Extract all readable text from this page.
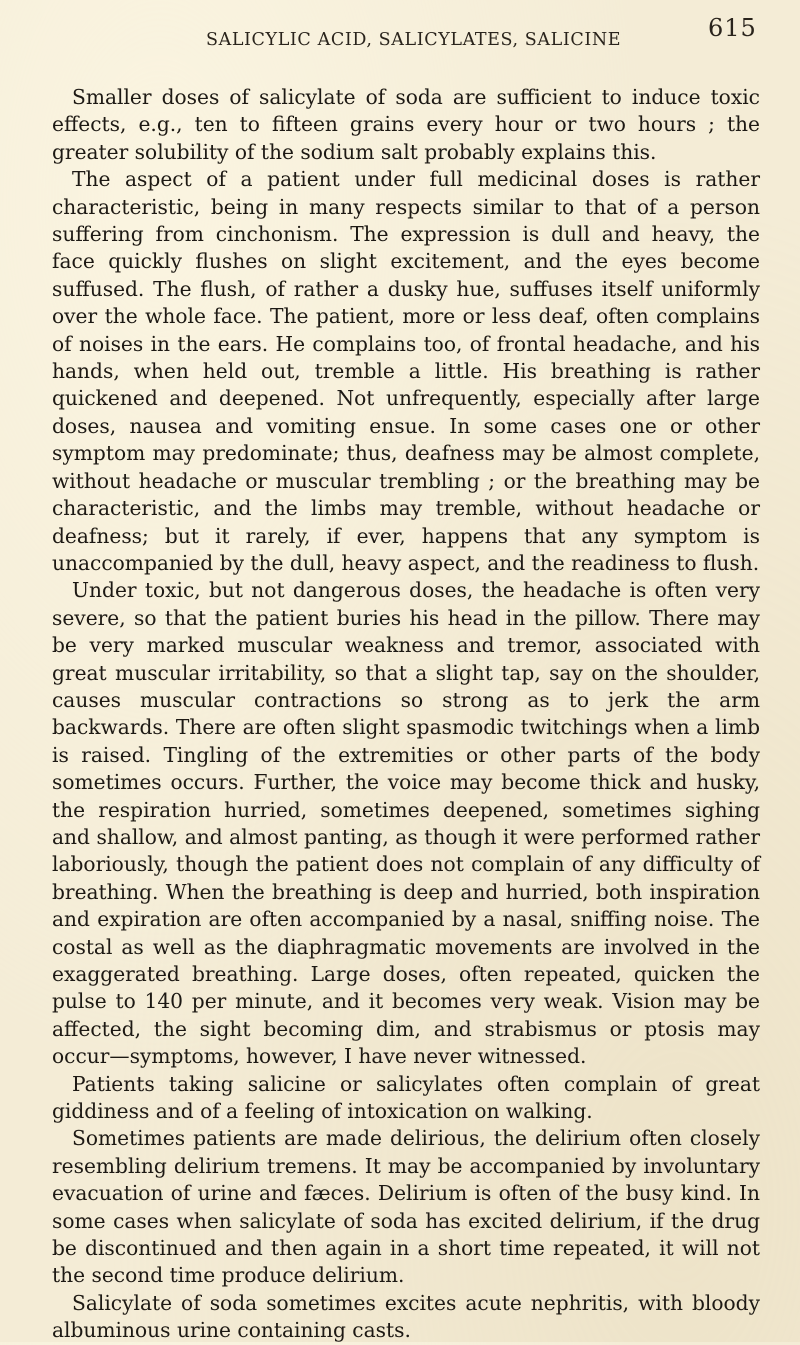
SALICYLIC ACID, SALICYLATES, SALICINE	615

Smaller doses of salicylate of soda are sufficient to induce toxic effects, e.g., ten to fifteen grains every hour or two hours ; the greater solubility of the sodium salt probably explains this.

The aspect of a patient under full medicinal doses is rather characteristic, being in many respects similar to that of a person suffering from cinchonism. The expression is dull and heavy, the face quickly flushes on slight excitement, and the eyes become suffused. The flush, of rather a dusky hue, suffuses itself uniformly over the whole face. The patient, more or less deaf, often complains of noises in the ears. He complains too, of frontal headache, and his hands, when held out, tremble a little. His breathing is rather quickened and deepened. Not unfrequently, especially after large doses, nausea and vomiting ensue. In some cases one or other symptom may predominate; thus, deafness may be almost complete, without headache or muscular trembling ; or the breathing may be characteristic, and the limbs may tremble, without headache or deafness; but it rarely, if ever, happens that any symptom is unaccompanied by the dull, heavy aspect, and the readiness to flush.

Under toxic, but not dangerous doses, the headache is often very severe, so that the patient buries his head in the pillow. There may be very marked muscular weakness and tremor, associated with great muscular irritability, so that a slight tap, say on the shoulder, causes muscular contractions so strong as to jerk the arm backwards. There are often slight spasmodic twitchings when a limb is raised. Tingling of the extremities or other parts of the body sometimes occurs. Further, the voice may become thick and husky, the respiration hurried, sometimes deepened, sometimes sighing and shallow, and almost panting, as though it were performed rather laboriously, though the patient does not complain of any difficulty of breathing. When the breathing is deep and hurried, both inspiration and expiration are often accompanied by a nasal, sniffing noise. The costal as well as the diaphragmatic movements are involved in the exaggerated breathing. Large doses, often repeated, quicken the pulse to 140 per minute, and it becomes very weak. Vision may be affected, the sight becoming dim, and strabismus or ptosis may occur—symptoms, however, I have never witnessed.

Patients taking salicine or salicylates often complain of great giddiness and of a feeling of intoxication on walking.

Sometimes patients are made delirious, the delirium often closely resembling delirium tremens. It may be accompanied by involuntary evacuation of urine and fæces. Delirium is often of the busy kind. In some cases when salicylate of soda has excited delirium, if the drug be discontinued and then again in a short time repeated, it will not the second time produce delirium.

Salicylate of soda sometimes excites acute nephritis, with bloody albuminous urine containing casts.
